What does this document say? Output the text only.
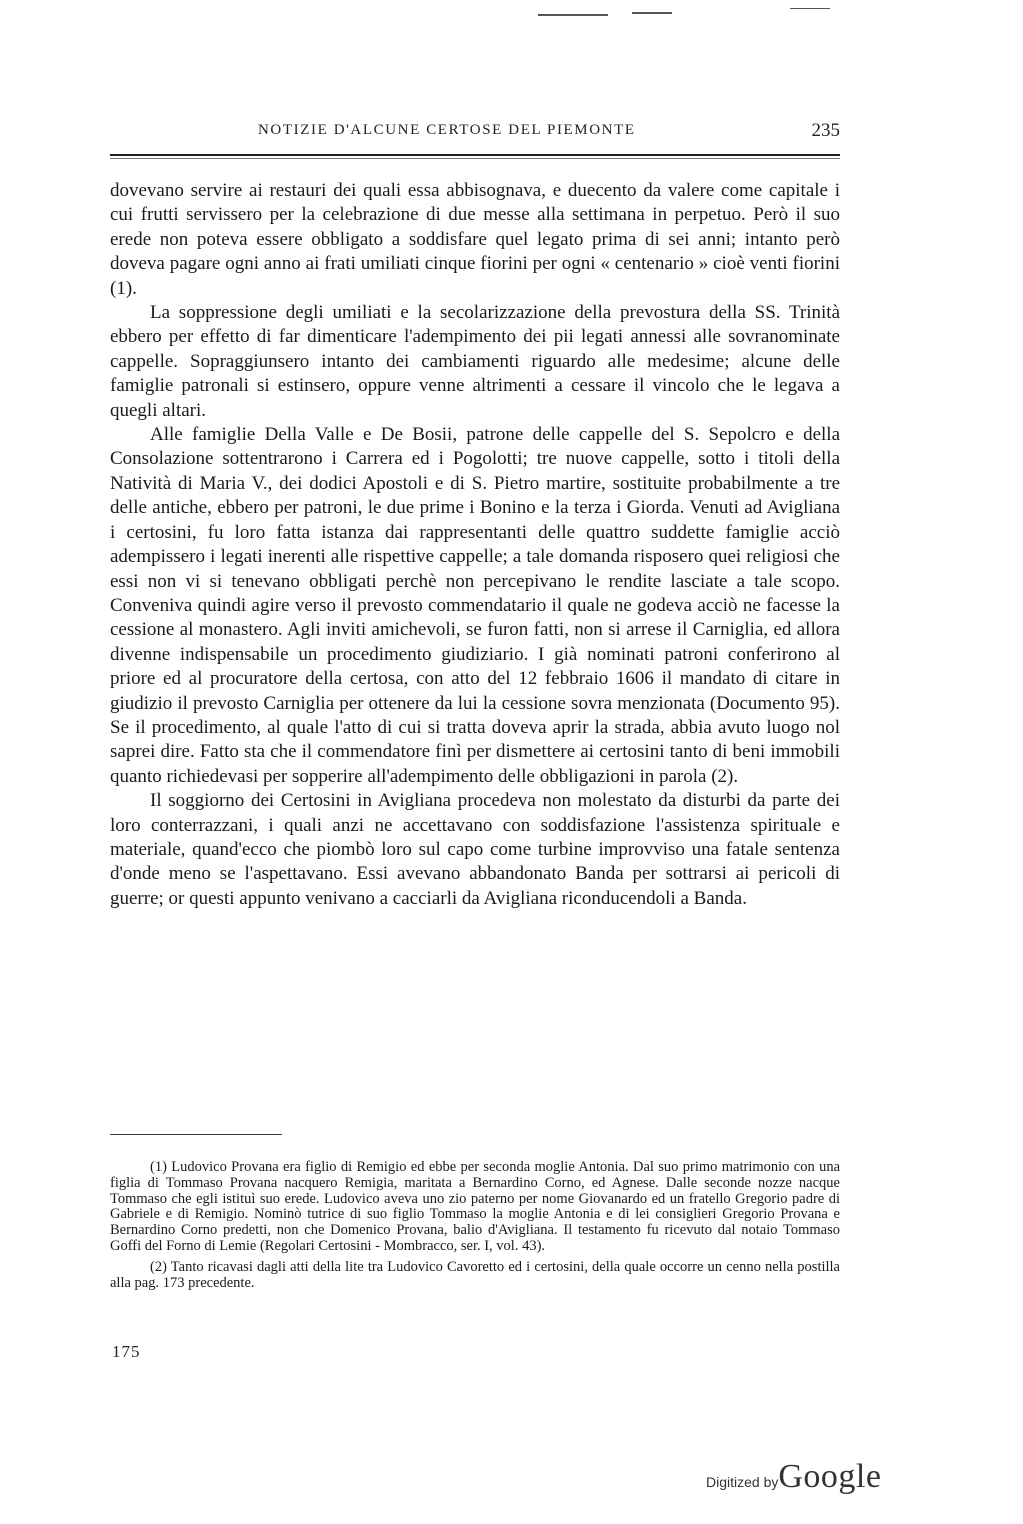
NOTIZIE D'ALCUNE CERTOSE DEL PIEMONTE	235

dovevano servire ai restauri dei quali essa abbisognava, e duecento da valere come capitale i cui frutti servissero per la celebrazione di due messe alla settimana in perpetuo. Però il suo erede non poteva essere obbligato a soddisfare quel legato prima di sei anni; intanto però doveva pagare ogni anno ai frati umiliati cinque fiorini per ogni « centenario » cioè venti fiorini (1).

La soppressione degli umiliati e la secolarizzazione della prevostura della SS. Trinità ebbero per effetto di far dimenticare l'adempimento dei pii legati annessi alle sovranominate cappelle. Sopraggiunsero intanto dei cambiamenti riguardo alle medesime; alcune delle famiglie patronali si estinsero, oppure venne altrimenti a cessare il vincolo che le legava a quegli altari.

Alle famiglie Della Valle e De Bosii, patrone delle cappelle del S. Sepolcro e della Consolazione sottentrarono i Carrera ed i Pogolotti; tre nuove cappelle, sotto i titoli della Natività di Maria V., dei dodici Apostoli e di S. Pietro martire, sostituite probabilmente a tre delle antiche, ebbero per patroni, le due prime i Bonino e la terza i Giorda. Venuti ad Avigliana i certosini, fu loro fatta istanza dai rappresentanti delle quattro suddette famiglie acciò adempissero i legati inerenti alle rispettive cappelle; a tale domanda risposero quei religiosi che essi non vi si tenevano obbligati perchè non percepivano le rendite lasciate a tale scopo. Conveniva quindi agire verso il prevosto commendatario il quale ne godeva acciò ne facesse la cessione al monastero. Agli inviti amichevoli, se furon fatti, non si arrese il Carniglia, ed allora divenne indispensabile un procedimento giudiziario. I già nominati patroni conferirono al priore ed al procuratore della certosa, con atto del 12 febbraio 1606 il mandato di citare in giudizio il prevosto Carniglia per ottenere da lui la cessione sovra menzionata (Documento 95). Se il procedimento, al quale l'atto di cui si tratta doveva aprir la strada, abbia avuto luogo nol saprei dire. Fatto sta che il commendatore finì per dismettere ai certosini tanto di beni immobili quanto richiedevasi per sopperire all'adempimento delle obbligazioni in parola (2).

Il soggiorno dei Certosini in Avigliana procedeva non molestato da disturbi da parte dei loro conterrazzani, i quali anzi ne accettavano con soddisfazione l'assistenza spirituale e materiale, quand'ecco che piombò loro sul capo come turbine improvviso una fatale sentenza d'onde meno se l'aspettavano. Essi avevano abbandonato Banda per sottrarsi ai pericoli di guerre; or questi appunto venivano a cacciarli da Avigliana riconducendoli a Banda.

(1) Ludovico Provana era figlio di Remigio ed ebbe per seconda moglie Antonia. Dal suo primo matrimonio con una figlia di Tommaso Provana nacquero Remigia, maritata a Bernardino Corno, ed Agnese. Dalle seconde nozze nacque Tommaso che egli istituì suo erede. Ludovico aveva uno zio paterno per nome Giovanardo ed un fratello Gregorio padre di Gabriele e di Remigio. Nominò tutrice di suo figlio Tommaso la moglie Antonia e di lei consiglieri Gregorio Provana e Bernardino Corno predetti, non che Domenico Provana, balio d'Avigliana. Il testamento fu ricevuto dal notaio Tommaso Goffi del Forno di Lemie (Regolari Certosini - Mombracco, ser. I, vol. 43).

(2) Tanto ricavasi dagli atti della lite tra Ludovico Cavoretto ed i certosini, della quale occorre un cenno nella postilla alla pag. 173 precedente.

175
Digitized byGoogle
